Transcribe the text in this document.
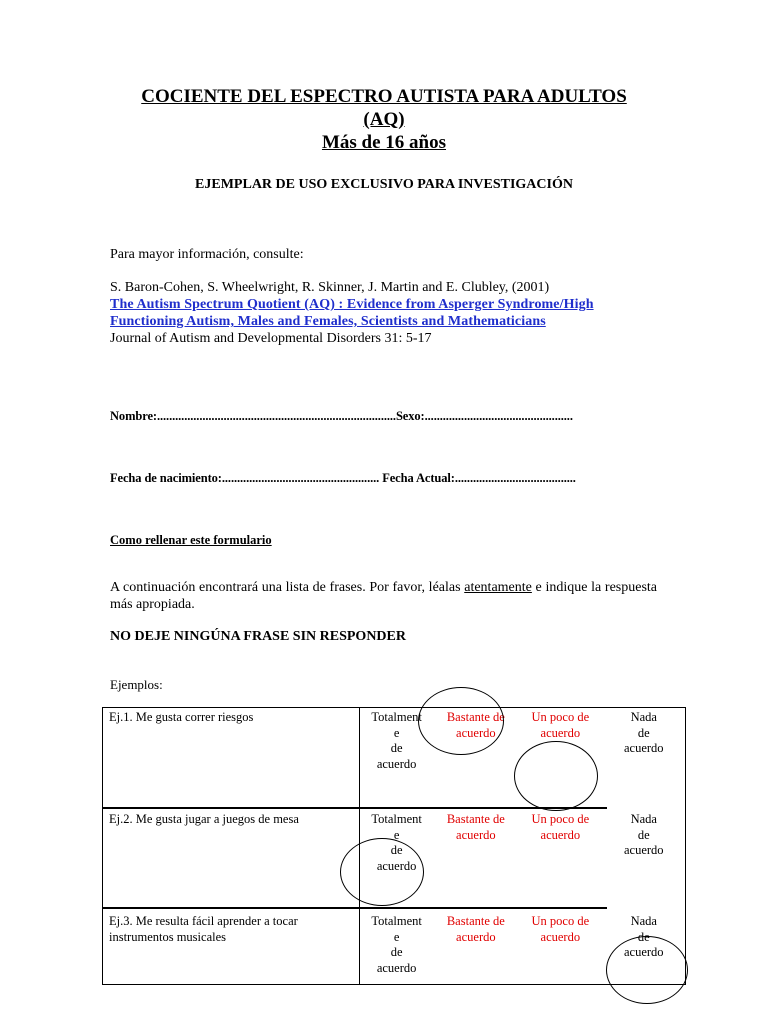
COCIENTE DEL ESPECTRO AUTISTA PARA ADULTOS
(AQ)
Más de 16 años
EJEMPLAR DE USO EXCLUSIVO PARA INVESTIGACIÓN
Para mayor información, consulte:
S. Baron-Cohen, S. Wheelwright, R. Skinner, J. Martin and E. Clubley, (2001)
The Autism Spectrum Quotient (AQ) : Evidence from Asperger Syndrome/High
Functioning Autism, Males and Females, Scientists and Mathematicians
Journal of Autism and Developmental Disorders 31: 5-17
Nombre:...............................................................................Sexo:.................................................
Fecha de nacimiento:.................................................... Fecha Actual:........................................
Como rellenar este formulario
A continuación encontrará una lista de frases. Por favor, léalas atentamente e indique la respuesta más apropiada.
NO DEJE NINGÚNA FRASE SIN RESPONDER
Ejemplos:
Ej.1. Me gusta correr riesgos	Totalment
e
de
acuerdo	Bastante de
acuerdo	Un poco de
acuerdo	Nada
de
acuerdo
Ej.2. Me gusta jugar a juegos de mesa	Totalment
e
de
acuerdo	Bastante de
acuerdo	Un poco de
acuerdo	Nada
de
acuerdo
Ej.3. Me resulta fácil aprender a tocar instrumentos musicales	Totalment
e
de
acuerdo	Bastante de
acuerdo	Un poco de
acuerdo	Nada
de
acuerdo
